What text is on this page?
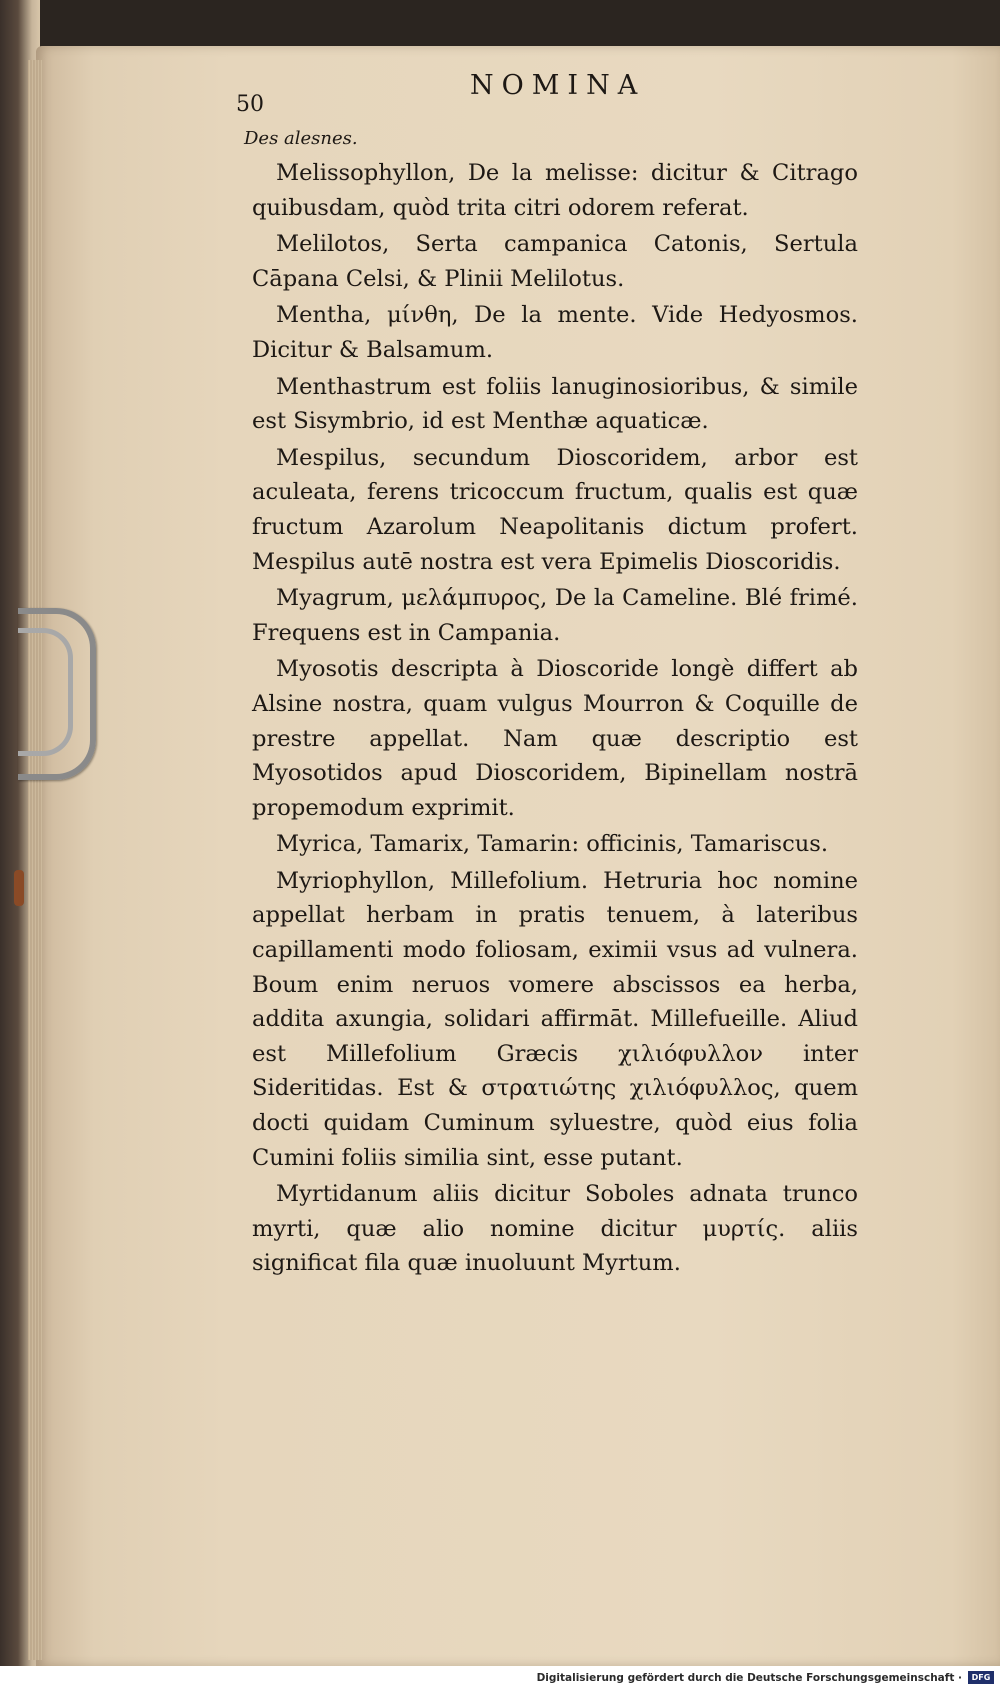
NOMINA
50
Des alesnes.

Melissophyllon, De la melisse: dicitur & Citrago quibusdam, quòd trita citri odorem referat.

Melilotos, Serta campanica Catonis, Sertula Cāpana Celsi, & Plinii Melilotus.

Mentha, μίνθη, De la mente. Vide Hedyosmos. Dicitur & Balsamum.

Menthastrum est foliis lanuginosioribus, & simile est Sisymbrio, id est Menthæ aquaticæ.

Mespilus, secundum Dioscoridem, arbor est aculeata, ferens tricoccum fructum, qualis est quæ fructum Azarolum Neapolitanis dictum profert. Mespilus autē nostra est vera Epimelis Dioscoridis.

Myagrum, μελάμπυρος, De la Cameline. Blé frimé. Frequens est in Campania.

Myosotis descripta à Dioscoride longè differt ab Alsine nostra, quam vulgus Mourron & Coquille de prestre appellat. Nam quæ descriptio est Myosotidos apud Dioscoridem, Bipinellam nostrā propemodum exprimit.

Myrica, Tamarix, Tamarin: officinis, Tamariscus.

Myriophyllon, Millefolium. Hetruria hoc nomine appellat herbam in pratis tenuem, à lateribus capillamenti modo foliosam, eximii vsus ad vulnera. Boum enim neruos vomere abscissos ea herba, addita axungia, solidari affirmāt. Millefueille. Aliud est Millefolium Græcis χιλιόφυλλον inter Sideritidas. Est & στρατιώτης χιλιόφυλλος, quem docti quidam Cuminum syluestre, quòd eius folia Cumini foliis similia sint, esse putant.

Myrtidanum aliis dicitur Soboles adnata trunco myrti, quæ alio nomine dicitur μυρτίς. aliis significat fila quæ inuoluunt Myrtum.

Digitalisierung gefördert durch die Deutsche Forschungsgemeinschaft ·	DFG
